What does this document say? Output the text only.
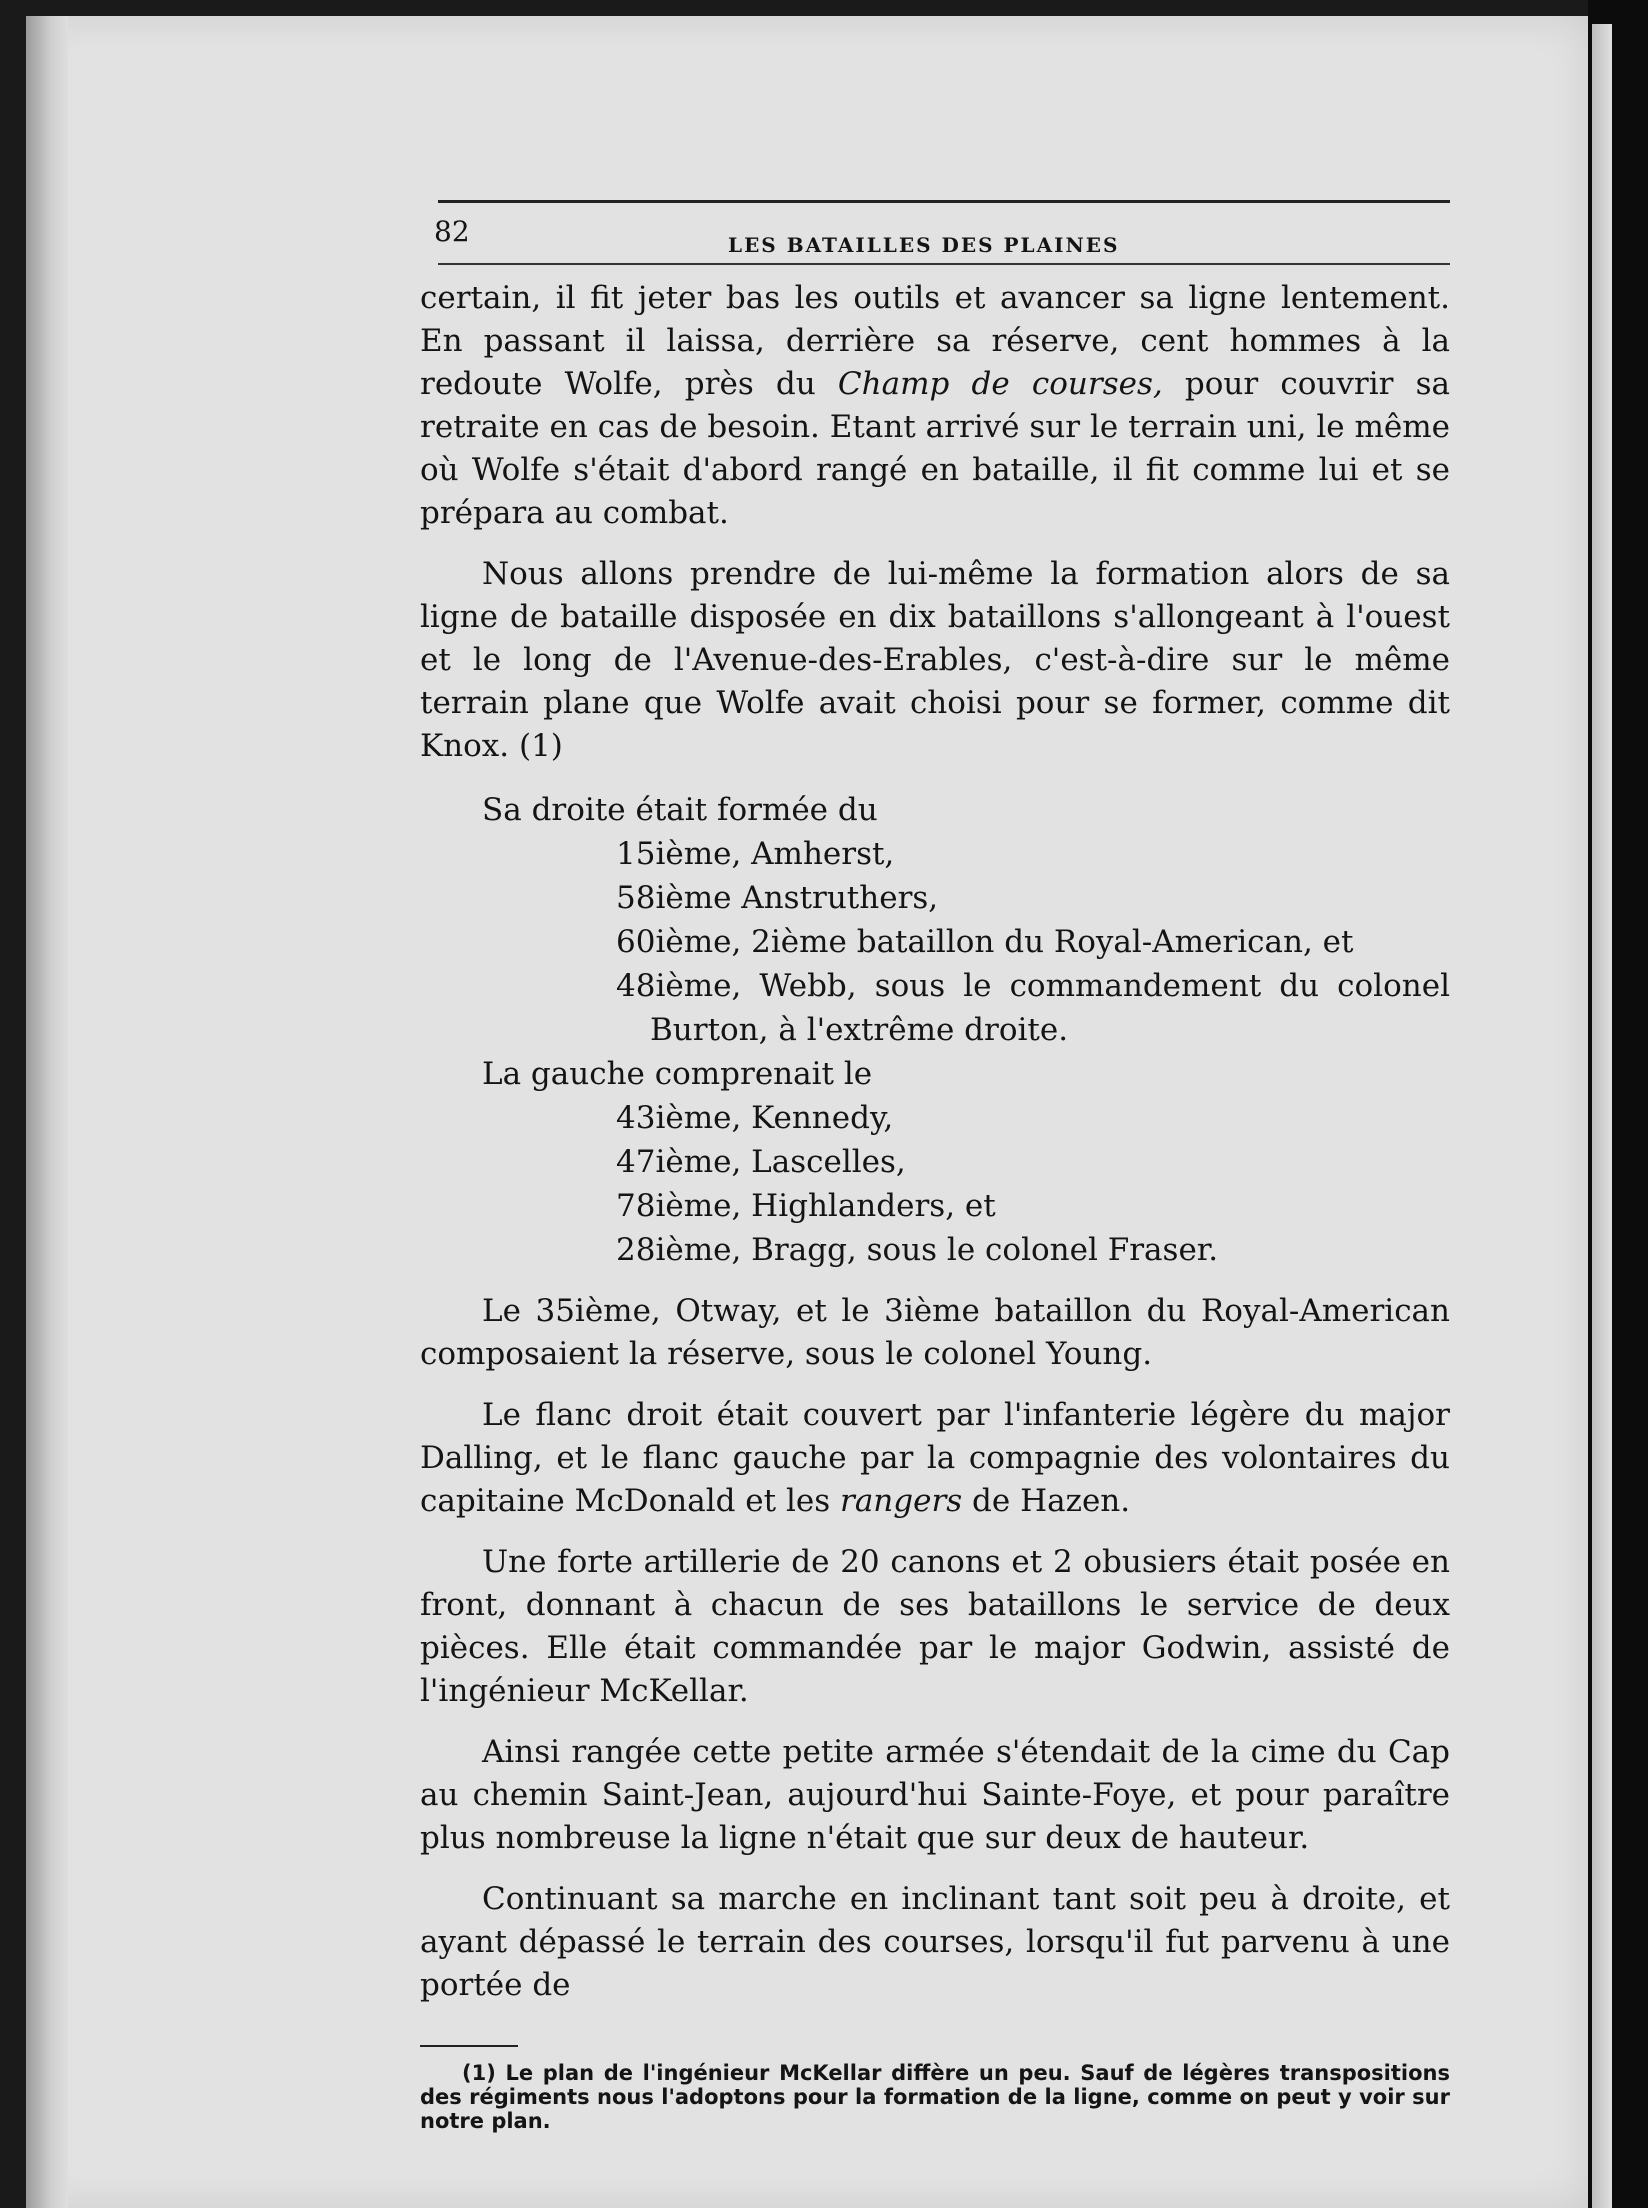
82	LES BATAILLES DES PLAINES

certain, il fit jeter bas les outils et avancer sa ligne lentement. En passant il laissa, derrière sa réserve, cent hommes à la redoute Wolfe, près du Champ de courses, pour couvrir sa retraite en cas de besoin. Etant arrivé sur le terrain uni, le même où Wolfe s'était d'abord rangé en bataille, il fit comme lui et se prépara au combat.

Nous allons prendre de lui-même la formation alors de sa ligne de bataille disposée en dix bataillons s'allongeant à l'ouest et le long de l'Avenue-des-Erables, c'est-à-dire sur le même terrain plane que Wolfe avait choisi pour se former, comme dit Knox. (1)

Sa droite était formée du
15ième, Amherst,
58ième Anstruthers,
60ième, 2ième bataillon du Royal-American, et
48ième, Webb, sous le commandement du colonel Burton, à l'extrême droite.
La gauche comprenait le
43ième, Kennedy,
47ième, Lascelles,
78ième, Highlanders, et
28ième, Bragg, sous le colonel Fraser.

Le 35ième, Otway, et le 3ième bataillon du Royal-American composaient la réserve, sous le colonel Young.

Le flanc droit était couvert par l'infanterie légère du major Dalling, et le flanc gauche par la compagnie des volontaires du capitaine McDonald et les rangers de Hazen.

Une forte artillerie de 20 canons et 2 obusiers était posée en front, donnant à chacun de ses bataillons le service de deux pièces. Elle était commandée par le major Godwin, assisté de l'ingénieur McKellar.

Ainsi rangée cette petite armée s'étendait de la cime du Cap au chemin Saint-Jean, aujourd'hui Sainte-Foye, et pour paraître plus nombreuse la ligne n'était que sur deux de hauteur.

Continuant sa marche en inclinant tant soit peu à droite, et ayant dépassé le terrain des courses, lorsqu'il fut parvenu à une portée de

(1) Le plan de l'ingénieur McKellar diffère un peu. Sauf de légères transpositions des régiments nous l'adoptons pour la formation de la ligne, comme on peut y voir sur notre plan.
